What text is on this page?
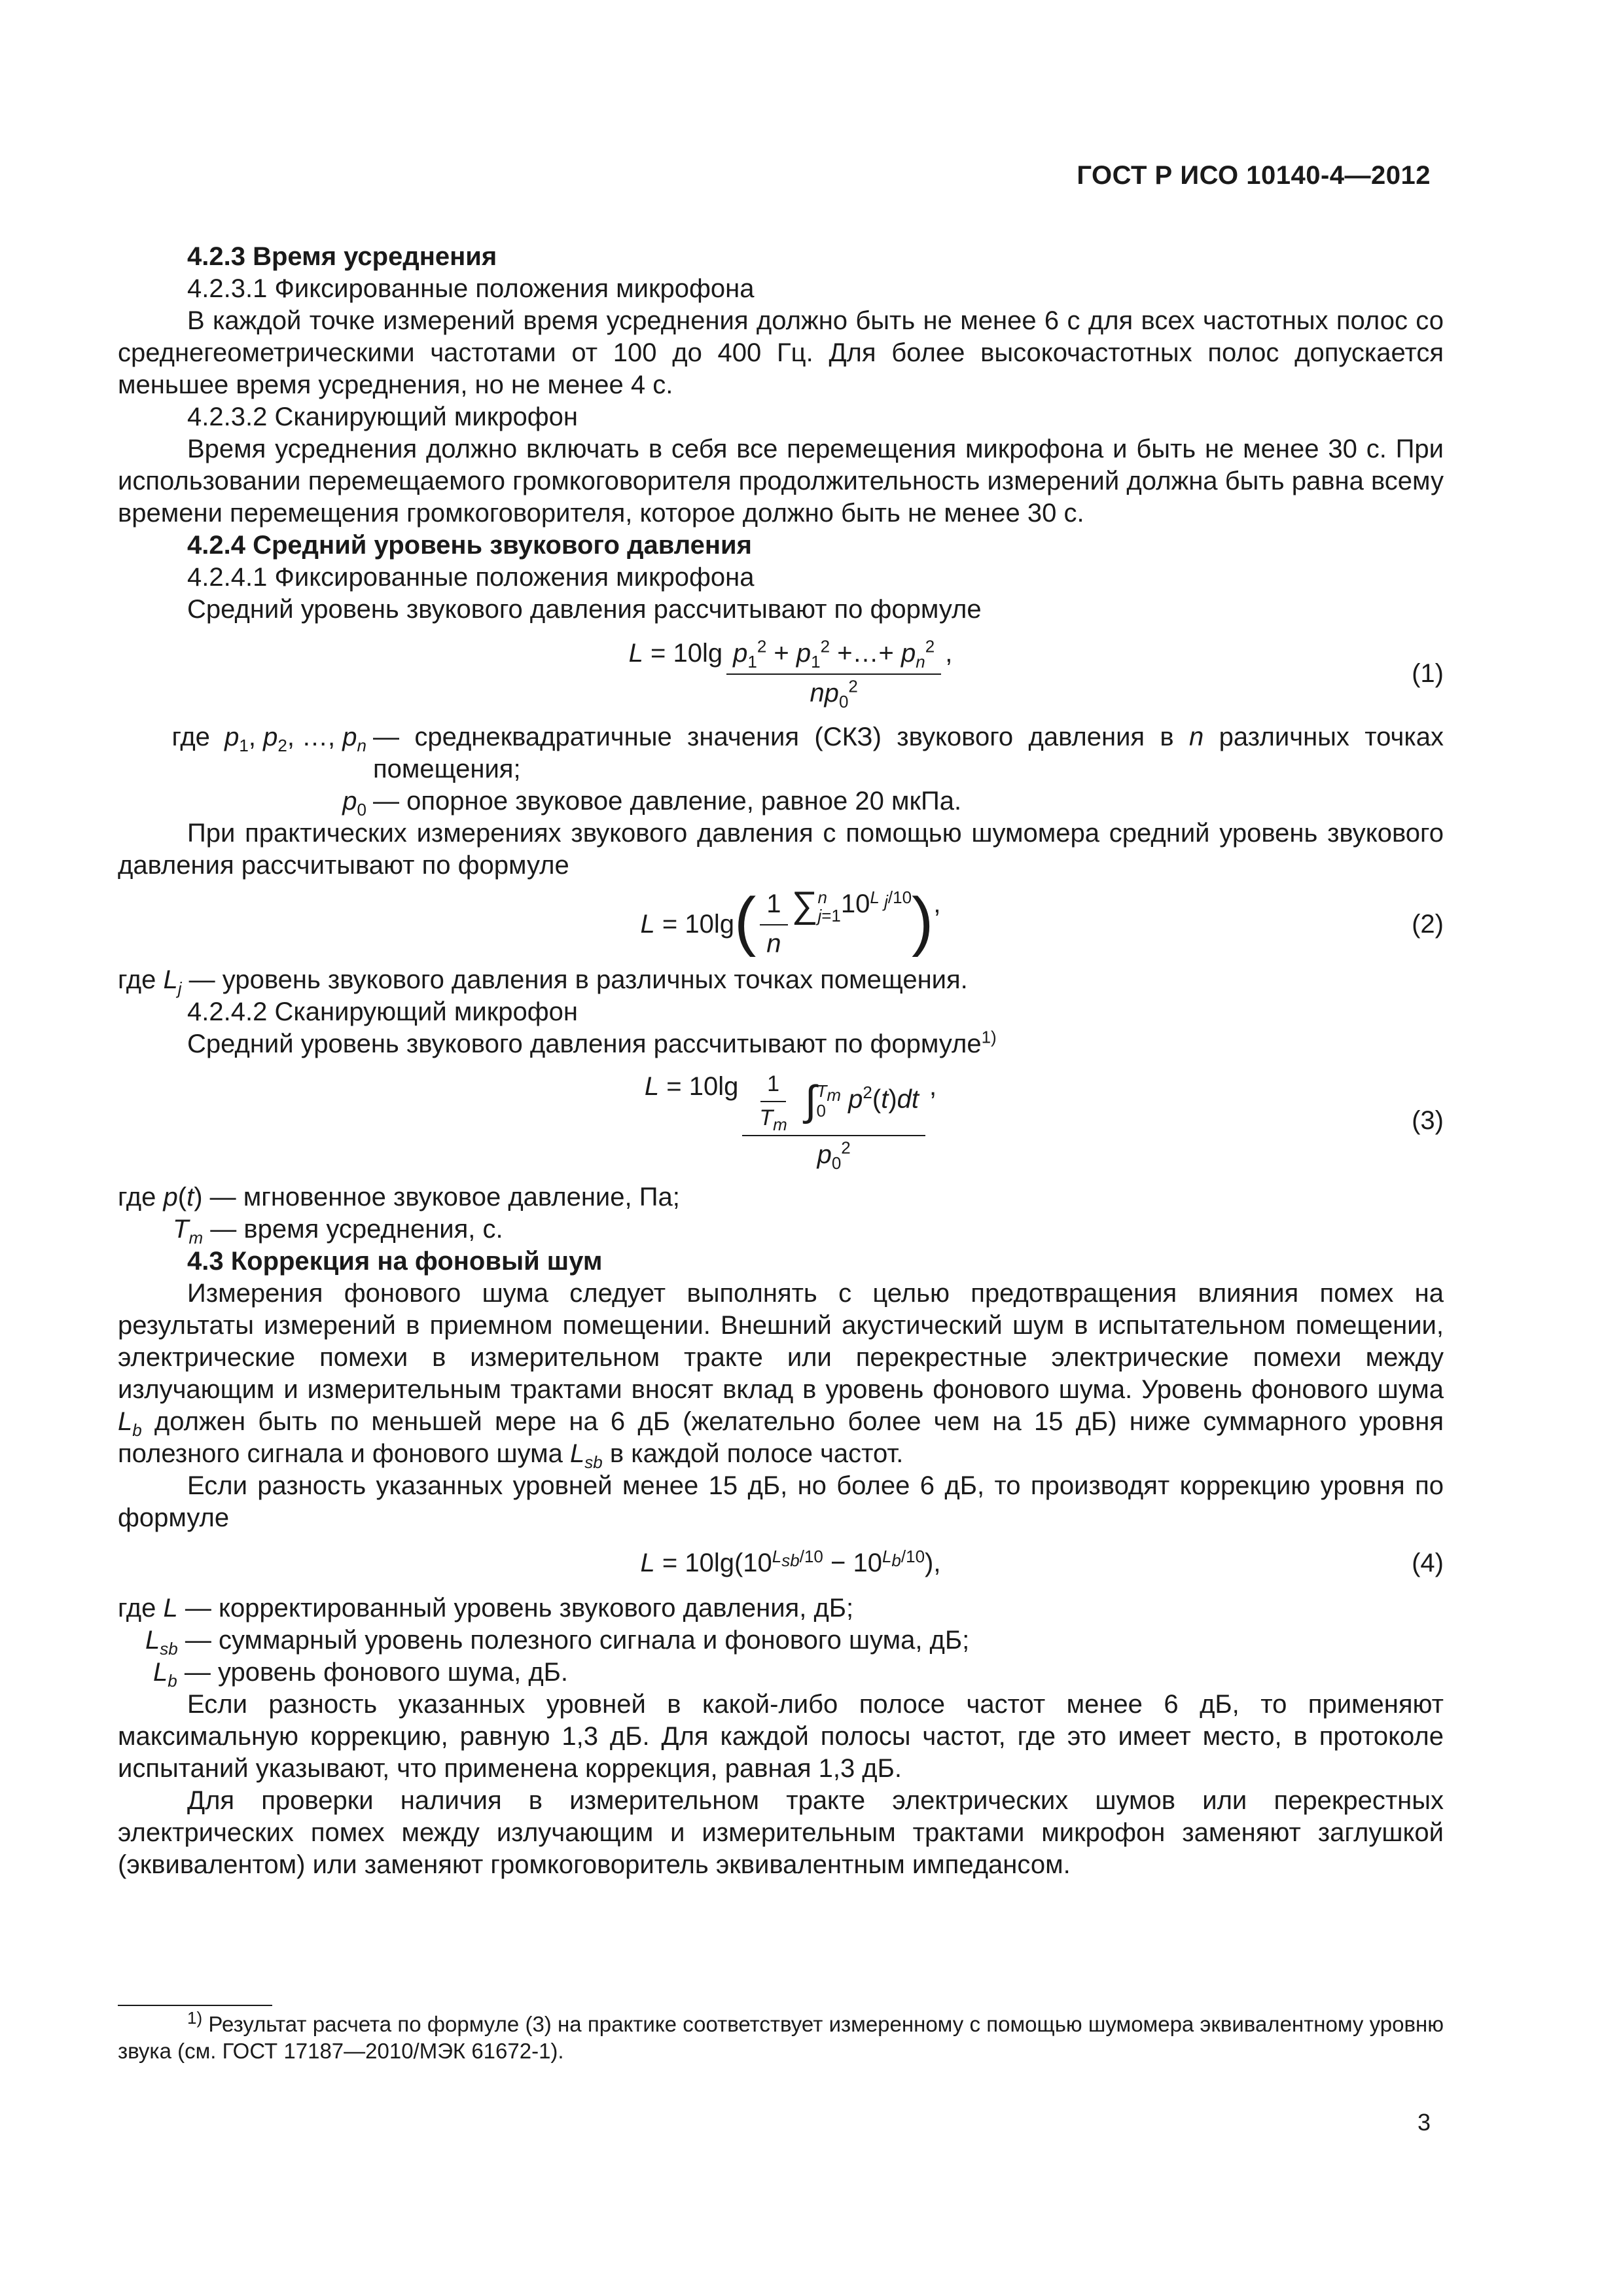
ГОСТ Р ИСО 10140-4—2012

4.2.3 Время усреднения

4.2.3.1 Фиксированные положения микрофона

В каждой точке измерений время усреднения должно быть не менее 6 с для всех частотных полос со среднегеометрическими частотами от 100 до 400 Гц. Для более высокочастотных полос допускается меньшее время усреднения, но не менее 4 с.

4.2.3.2 Сканирующий микрофон

Время усреднения должно включать в себя все перемещения микрофона и быть не менее 30 с. При использовании перемещаемого громкоговорителя продолжительность измерений должна быть равна всему времени перемещения громкоговорителя, которое должно быть не менее 30 с.

4.2.4 Средний уровень звукового давления

4.2.4.1 Фиксированные положения микрофона

Средний уровень звукового давления рассчитывают по формуле

$L = 10\lg \frac{p_1^2 + p_1^2 +\dots+ p_n^2}{np_0^2}$ ,
(1)
где $p_1$, $p_2$, …, $p_n$ — среднеквадратичные значения (СКЗ) звукового давления в n различных точках помещения;
$p_0$ — опорное звуковое давление, равное 20 мкПа.

При практических измерениях звукового давления с помощью шумомера средний уровень звукового давления рассчитывают по формуле

L = 10lg ( $\frac{1}{n}$ ∑ n
j=1 $10^{L _j/10}$ ) ,
(2)

где $L_j$ — уровень звукового давления в различных точках помещения.

4.2.4.2 Сканирующий микрофон

Средний уровень звукового давления рассчитывают по формуле$^{1)}$

$L = 10\lg \frac{1}{T_m}$ ∫ $T_m$
0 $p^2(t)dt$
$p_0^2$ ,
(3)

где p(t) — мгновенное звуковое давление, Па;

$T_m$ — время усреднения, с.

4.3 Коррекция на фоновый шум

Измерения фонового шума следует выполнять с целью предотвращения влияния помех на результаты измерений в приемном помещении. Внешний акустический шум в испытательном помещении, электрические помехи в измерительном тракте или перекрестные электрические помехи между излучающим и измерительным трактами вносят вклад в уровень фонового шума. Уровень фонового шума $L_b$ должен быть по меньшей мере на 6 дБ (желательно более чем на 15 дБ) ниже суммарного уровня полезного сигнала и фонового шума $L_{sb}$ в каждой полосе частот.

Если разность указанных уровней менее 15 дБ, но более 6 дБ, то производят коррекцию уровня по формуле

$L = 10\lg(10^{L_{sb}/10} - 10^{L_b/10})$,	(4)

где L — корректированный уровень звукового давления, дБ;

$L_{sb}$ — суммарный уровень полезного сигнала и фонового шума, дБ;

$L_b$ — уровень фонового шума, дБ.

Если разность указанных уровней в какой-либо полосе частот менее 6 дБ, то применяют максимальную коррекцию, равную 1,3 дБ. Для каждой полосы частот, где это имеет место, в протоколе испытаний указывают, что применена коррекция, равная 1,3 дБ.

Для проверки наличия в измерительном тракте электрических шумов или перекрестных электрических помех между излучающим и измерительным трактами микрофон заменяют заглушкой (эквивалентом) или заменяют громкоговоритель эквивалентным импедансом.

$^{1)}$ Результат расчета по формуле (3) на практике соответствует измеренному с помощью шумомера эквивалентному уровню звука (см. ГОСТ 17187—2010/МЭК 61672-1).
3
